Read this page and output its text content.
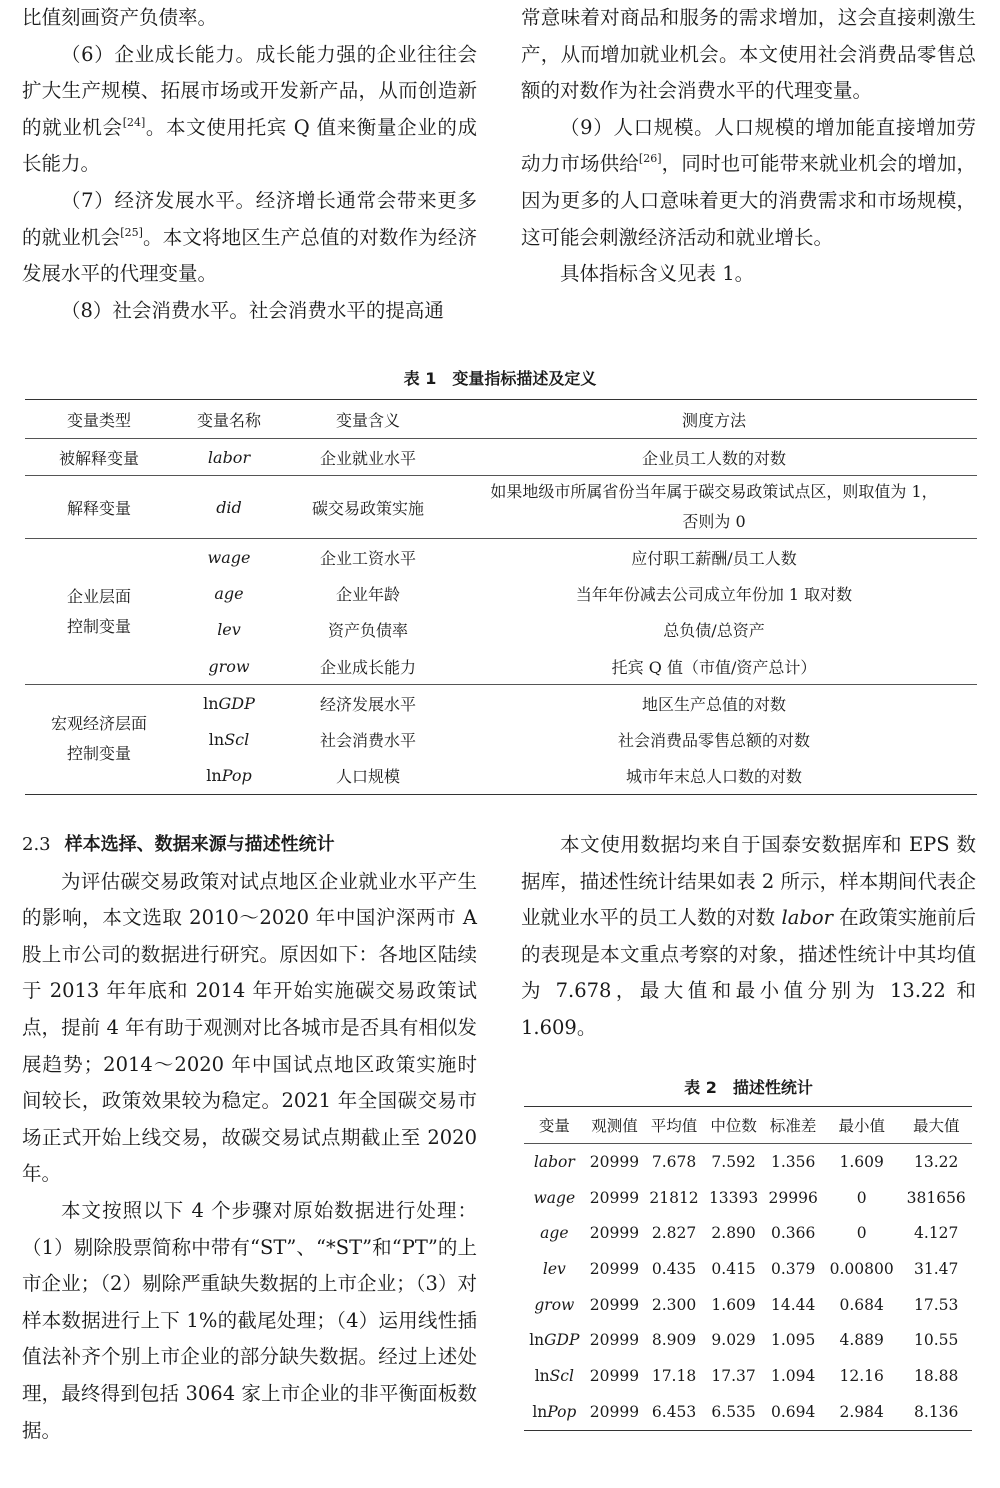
比值刻画资产负债率。

（6）企业成长能力。成长能力强的企业往往会扩大生产规模、拓展市场或开发新产品，从而创造新的就业机会[24]。本文使用托宾 Q 值来衡量企业的成长能力。

（7）经济发展水平。经济增长通常会带来更多的就业机会[25]。本文将地区生产总值的对数作为经济发展水平的代理变量。

（8）社会消费水平。社会消费水平的提高通

常意味着对商品和服务的需求增加，这会直接刺激生产，从而增加就业机会。本文使用社会消费品零售总额的对数作为社会消费水平的代理变量。

（9）人口规模。人口规模的增加能直接增加劳动力市场供给[26]，同时也可能带来就业机会的增加，因为更多的人口意味着更大的消费需求和市场规模，这可能会刺激经济活动和就业增长。

具体指标含义见表 1。

表 1　变量指标描述及定义
变量类型	变量名称	变量含义	测度方法
被解释变量	labor	企业就业水平	企业员工人数的对数
解释变量	did	碳交易政策实施	如果地级市所属省份当年属于碳交易政策试点区，则取值为 1，
否则为 0
企业层面
控制变量	wage	企业工资水平	应付职工薪酬/员工人数
	age	企业年龄	当年年份减去公司成立年份加 1 取对数
	lev	资产负债率	总负债/总资产
	grow	企业成长能力	托宾 Q 值（市值/资产总计）
宏观经济层面
控制变量	lnGDP	经济发展水平	地区生产总值的对数
	lnScl	社会消费水平	社会消费品零售总额的对数
	lnPop	人口规模	城市年末总人口数的对数

2.3 样本选择、数据来源与描述性统计

为评估碳交易政策对试点地区企业就业水平产生的影响，本文选取 2010～2020 年中国沪深两市 A 股上市公司的数据进行研究。原因如下：各地区陆续于 2013 年年底和 2014 年开始实施碳交易政策试点，提前 4 年有助于观测对比各城市是否具有相似发展趋势；2014～2020 年中国试点地区政策实施时间较长，政策效果较为稳定。2021 年全国碳交易市场正式开始上线交易，故碳交易试点期截止至 2020 年。

本文按照以下 4 个步骤对原始数据进行处理：（1）剔除股票简称中带有“ST”、“*ST”和“PT”的上市企业；（2）剔除严重缺失数据的上市企业；（3）对样本数据进行上下 1%的截尾处理；（4）运用线性插值法补齐个别上市企业的部分缺失数据。经过上述处理，最终得到包括 3064 家上市企业的非平衡面板数据。

本文使用数据均来自于国泰安数据库和 EPS 数据库，描述性统计结果如表 2 所示，样本期间代表企业就业水平的员工人数的对数 labor 在政策实施前后的表现是本文重点考察的对象，描述性统计中其均值为 7.678，最大值和最小值分别为 13.22 和 1.609。

表 2　描述性统计
变量	观测值	平均值	中位数	标准差	最小值	最大值
labor	20999	7.678	7.592	1.356	1.609	13.22
wage	20999	21812	13393	29996	0	381656
age	20999	2.827	2.890	0.366	0	4.127
lev	20999	0.435	0.415	0.379	0.00800	31.47
grow	20999	2.300	1.609	14.44	0.684	17.53
lnGDP	20999	8.909	9.029	1.095	4.889	10.55
lnScl	20999	17.18	17.37	1.094	12.16	18.88
lnPop	20999	6.453	6.535	0.694	2.984	8.136
